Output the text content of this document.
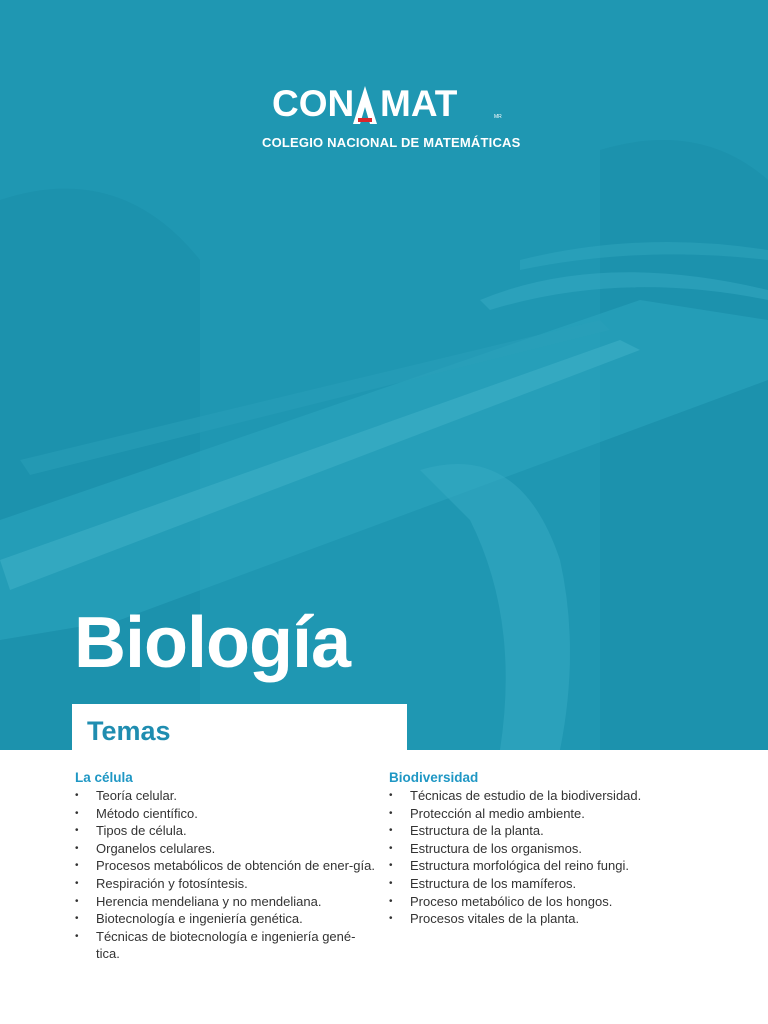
CON MAT	MR
COLEGIO NACIONAL DE MATEMÁTICAS
Biología
Temas
La célula
• Teoría celular.
• Método científico.
• Tipos de célula.
• Organelos celulares.
• Procesos metabólicos de obtención de ener-gía.
• Respiración y fotosíntesis.
• Herencia mendeliana y no mendeliana.
• Biotecnología e ingeniería genética.
• Técnicas de biotecnología e ingeniería gené-tica.
Biodiversidad
• Técnicas de estudio de la biodiversidad.
• Protección al medio ambiente.
• Estructura de la planta.
• Estructura de los organismos.
• Estructura morfológica del reino fungi.
• Estructura de los mamíferos.
• Proceso metabólico de los hongos.
• Procesos vitales de la planta.
